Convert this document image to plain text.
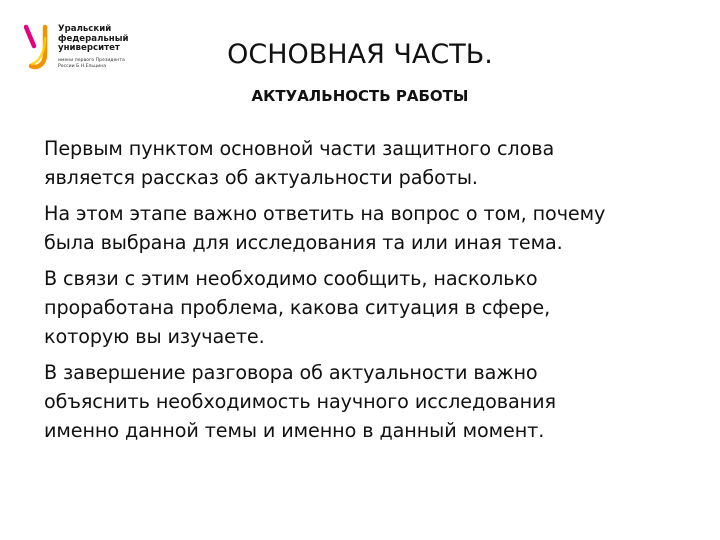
Уральский
федеральный
университет
имени первого Президента
России Б.Н.Ельцина	ОСНОВНАЯ ЧАСТЬ.
АКТУАЛЬНОСТЬ РАБОТЫ

Первым пунктом основной части защитного слова
является рассказ об актуальности работы.

На этом этапе важно ответить на вопрос о том, почему
была выбрана для исследования та или иная тема.

В связи с этим необходимо сообщить, насколько
проработана проблема, какова ситуация в сфере,
которую вы изучаете.

В завершение разговора об актуальности важно
объяснить необходимость научного исследования
именно данной темы и именно в данный момент.
